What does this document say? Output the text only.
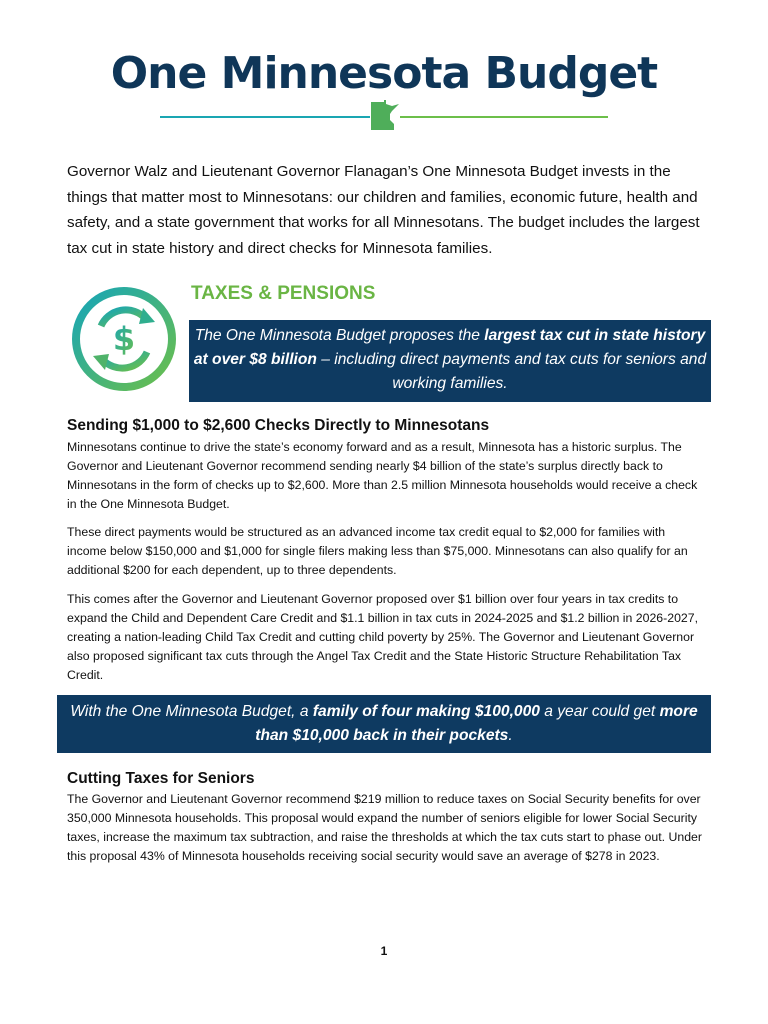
One Minnesota Budget
Governor Walz and Lieutenant Governor Flanagan’s One Minnesota Budget invests in the things that matter most to Minnesotans: our children and families, economic future, health and safety, and a state government that works for all Minnesotans. The budget includes the largest tax cut in state history and direct checks for Minnesota families.
$
TAXES & PENSIONS
The One Minnesota Budget proposes the largest tax cut in state history at over $8 billion – including direct payments and tax cuts for seniors and working families.
Sending $1,000 to $2,600 Checks Directly to Minnesotans
Minnesotans continue to drive the state’s economy forward and as a result, Minnesota has a historic surplus. The Governor and Lieutenant Governor recommend sending nearly $4 billion of the state’s surplus directly back to Minnesotans in the form of checks up to $2,600. More than 2.5 million Minnesota households would receive a check in the One Minnesota Budget.
These direct payments would be structured as an advanced income tax credit equal to $2,000 for families with income below $150,000 and $1,000 for single filers making less than $75,000. Minnesotans can also qualify for an additional $200 for each dependent, up to three dependents.
This comes after the Governor and Lieutenant Governor proposed over $1 billion over four years in tax credits to expand the Child and Dependent Care Credit and $1.1 billion in tax cuts in 2024-2025 and $1.2 billion in 2026-2027, creating a nation-leading Child Tax Credit and cutting child poverty by 25%. The Governor and Lieutenant Governor also proposed significant tax cuts through the Angel Tax Credit and the State Historic Structure Rehabilitation Tax Credit.
With the One Minnesota Budget, a family of four making $100,000 a year could get more than $10,000 back in their pockets.
Cutting Taxes for Seniors
The Governor and Lieutenant Governor recommend $219 million to reduce taxes on Social Security benefits for over 350,000 Minnesota households. This proposal would expand the number of seniors eligible for lower Social Security taxes, increase the maximum tax subtraction, and raise the thresholds at which the tax cuts start to phase out. Under this proposal 43% of Minnesota households receiving social security would save an average of $278 in 2023.
1
